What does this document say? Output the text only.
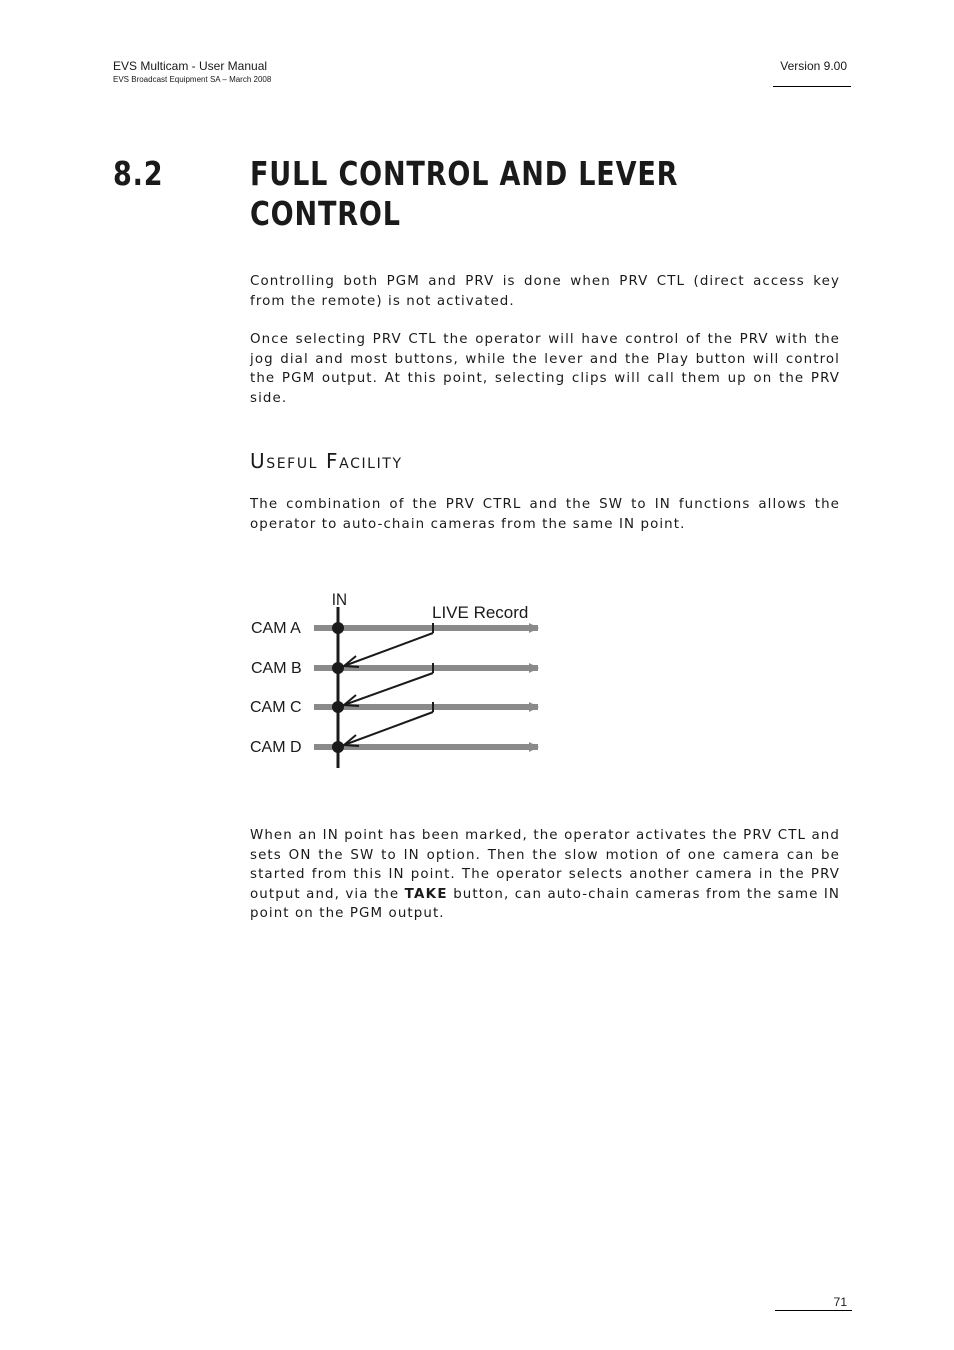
EVS Multicam - User Manual
EVS Broadcast Equipment SA – March 2008
Version 9.00
8.2	FULL CONTROL AND LEVER
CONTROL

Controlling both PGM and PRV is done when PRV CTL (direct access key from the remote) is not activated.

Once selecting PRV CTL the operator will have control of the PRV with the jog dial and most buttons, while the lever and the Play button will control the PGM output. At this point, selecting clips will call them up on the PRV side.

Useful Facility

The combination of the PRV CTRL and the SW to IN functions allows the operator to auto-chain cameras from the same IN point.

IN
LIVE Record
CAM A
CAM B
CAM C
CAM D

When an IN point has been marked, the operator activates the PRV CTL and sets ON the SW to IN option. Then the slow motion of one camera can be started from this IN point. The operator selects another camera in the PRV output and, via the TAKE button, can auto-chain cameras from the same IN point on the PGM output.

71
